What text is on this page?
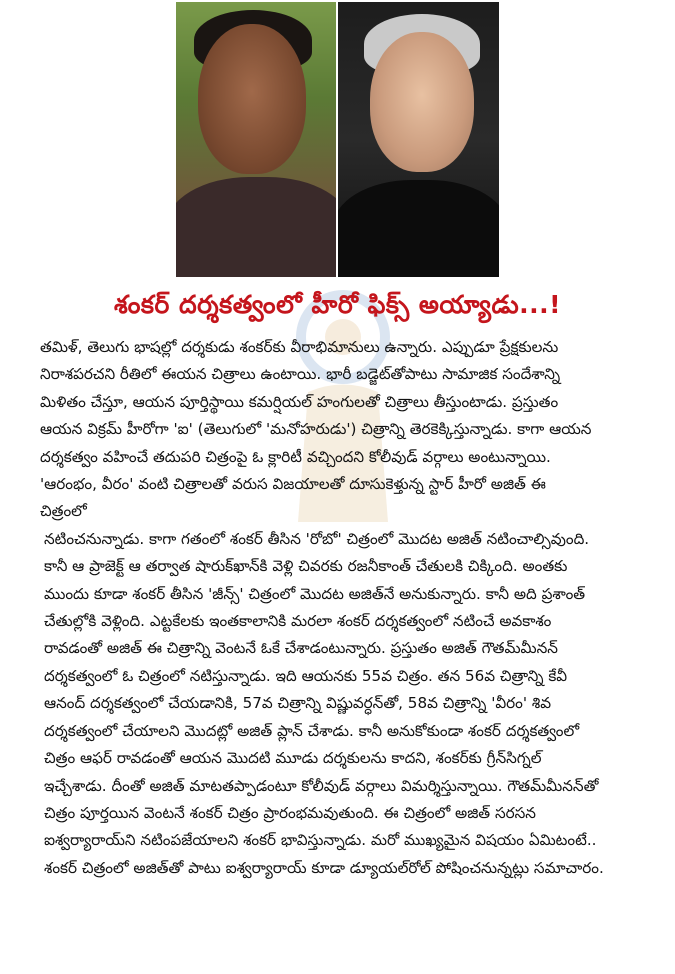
శంకర్ దర్శకత్వంలో హీరో ఫిక్స్ అయ్యాడు...!

తమిళ్, తెలుగు భాషల్లో దర్శకుడు శంకర్‌కు వీరాభిమానులు ఉన్నారు. ఎప్పుడూ ప్రేక్షకులను
నిరాశపరచని రీతిలో ఈయన చిత్రాలు ఉంటాయి. భారీ బడ్జెట్‌తోపాటు సామాజిక సందేశాన్ని
మిళితం చేస్తూ, ఆయన పూర్తిస్థాయి కమర్షియల్ హంగులతో చిత్రాలు తీస్తుంటాడు. ప్రస్తుతం
ఆయన విక్రమ్ హీరోగా 'ఐ' (తెలుగులో 'మనోహరుడు') చిత్రాన్ని తెరకెక్కిస్తున్నాడు. కాగా ఆయన
దర్శకత్వం వహించే తదుపరి చిత్రంపై ఓ క్లారిటీ వచ్చిందని కోలీవుడ్ వర్గాలు అంటున్నాయి.
'ఆరంభం, వీరం' వంటి చిత్రాలతో వరుస విజయాలతో దూసుకెళ్తున్న స్టార్ హీరో అజిత్ ఈ
చిత్రంలో

నటించనున్నాడు. కాగా గతంలో శంకర్ తీసిన 'రోబో' చిత్రంలో మొదట అజిత్ నటించాల్సివుంది.
కానీ ఆ ప్రాజెక్ట్ ఆ తర్వాత షారుక్‌ఖాన్‌కి వెళ్లి చివరకు రజనీకాంత్ చేతులకి చిక్కింది. అంతకు
ముందు కూడా శంకర్ తీసిన 'జీన్స్' చిత్రంలో మొదట అజిత్‌నే అనుకున్నారు. కానీ అది ప్రశాంత్
చేతుల్లోకి వెళ్లింది. ఎట్టకేలకు ఇంతకాలానికి మరలా శంకర్ దర్శకత్వంలో నటించే అవకాశం
రావడంతో అజిత్ ఈ చిత్రాన్ని వెంటనే ఓకే చేశాడంటున్నారు. ప్రస్తుతం అజిత్ గౌతమ్‌మీనన్
దర్శకత్వంలో ఓ చిత్రంలో నటిస్తున్నాడు. ఇది ఆయనకు 55వ చిత్రం. తన 56వ చిత్రాన్ని కేవీ
ఆనంద్ దర్శకత్వంలో చేయడానికి, 57వ చిత్రాన్ని విష్ణువర్ధన్‌తో, 58వ చిత్రాన్ని 'వీరం' శివ
దర్శకత్వంలో చేయాలని మొదట్లో అజిత్ ప్లాన్ చేశాడు. కానీ అనుకోకుండా శంకర్ దర్శకత్వంలో
చిత్రం ఆఫర్ రావడంతో ఆయన మొదటి మూడు దర్శకులను కాదని, శంకర్‌కు గ్రీన్‌సిగ్నల్
ఇచ్చేశాడు. దీంతో అజిత్ మాటతప్పాడంటూ కోలీవుడ్ వర్గాలు విమర్శిస్తున్నాయి. గౌతమ్‌మీనన్‌తో
చిత్రం పూర్తయిన వెంటనే శంకర్ చిత్రం ప్రారంభమవుతుంది. ఈ చిత్రంలో అజిత్ సరసన
ఐశ్వర్యారాయ్‌ని నటింపజేయాలని శంకర్ భావిస్తున్నాడు. మరో ముఖ్యమైన విషయం ఏమిటంటే..
శంకర్ చిత్రంలో అజిత్‌తో పాటు ఐశ్వర్యారాయ్ కూడా డ్యూయల్‌రోల్ పోషించనున్నట్లు సమాచారం.
